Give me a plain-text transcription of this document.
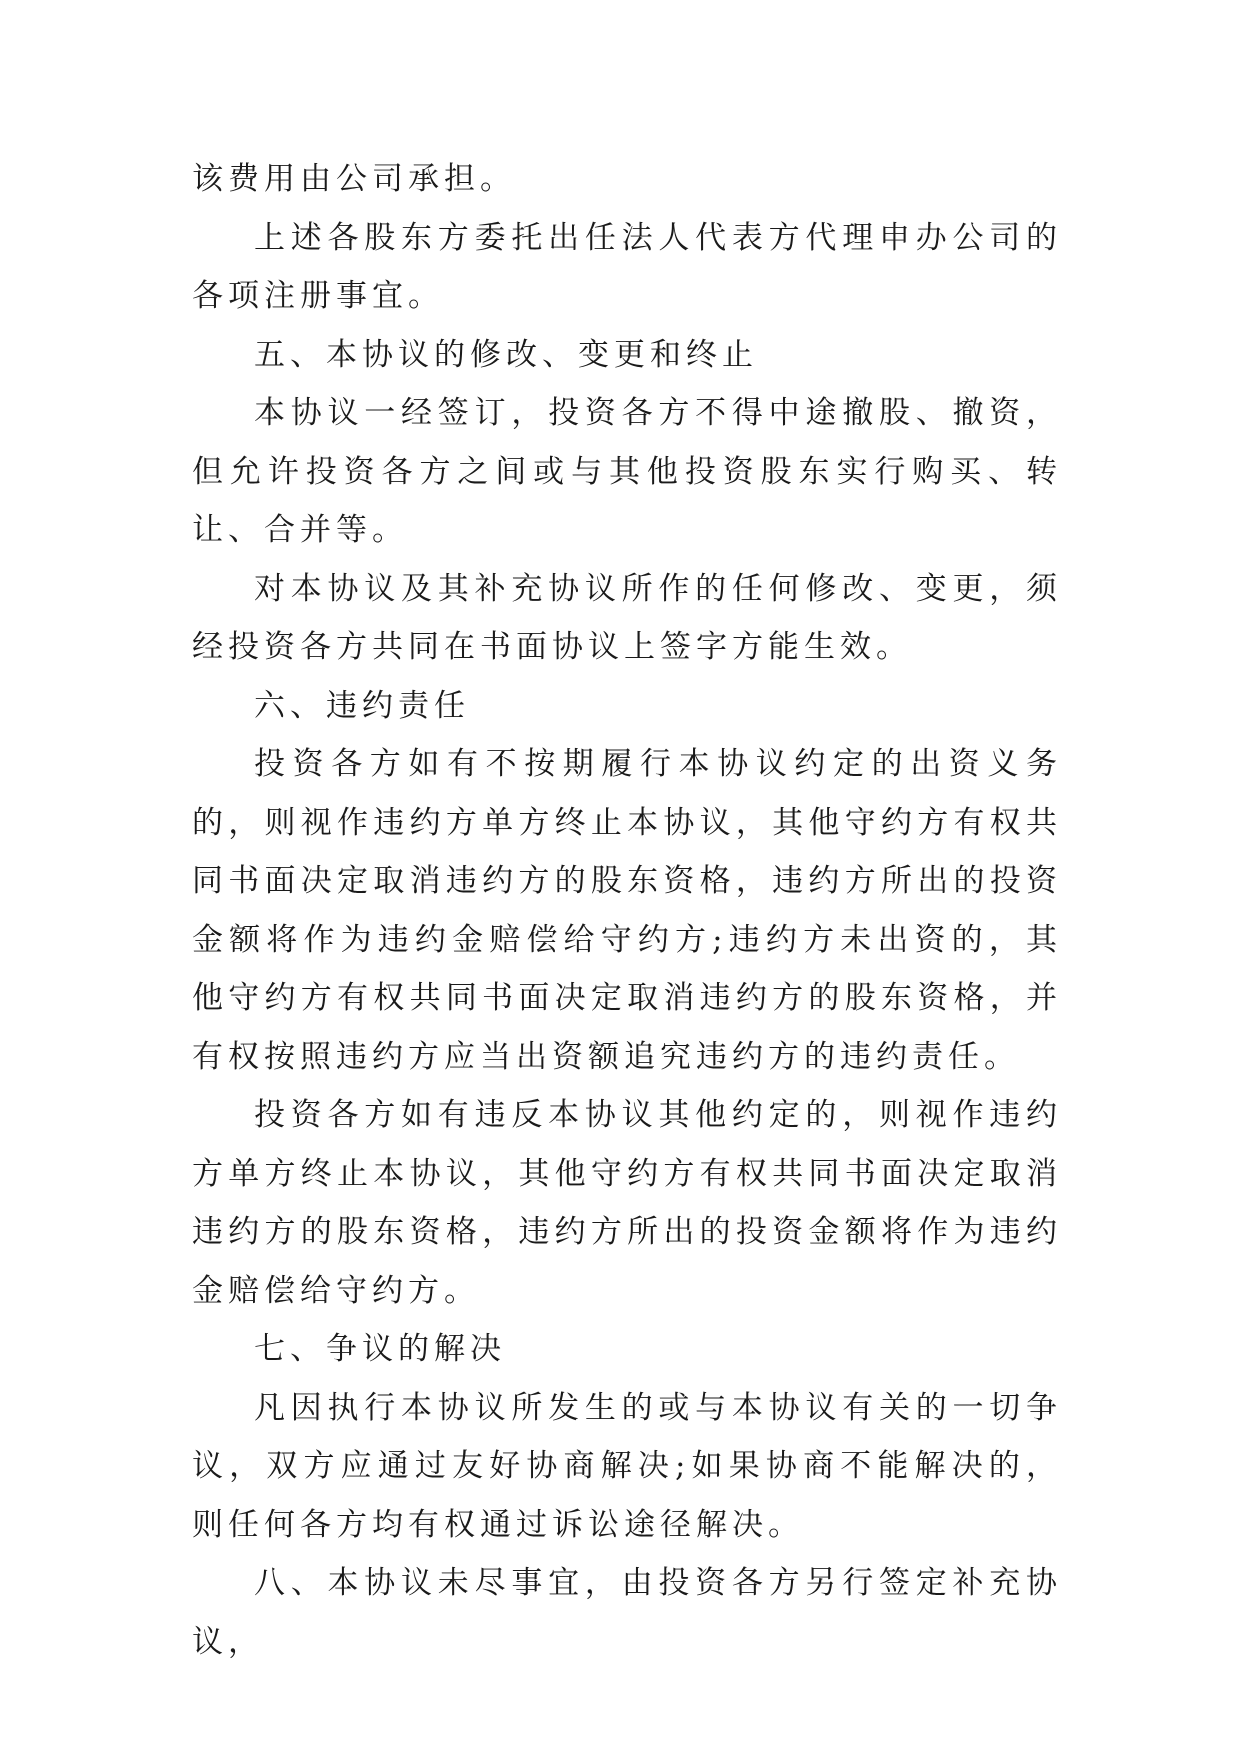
该费用由公司承担。

上述各股东方委托出任法人代表方代理申办公司的各项注册事宜。

五、本协议的修改、变更和终止

本协议一经签订，投资各方不得中途撤股、撤资，但允许投资各方之间或与其他投资股东实行购买、转让、合并等。

对本协议及其补充协议所作的任何修改、变更，须经投资各方共同在书面协议上签字方能生效。

六、违约责任

投资各方如有不按期履行本协议约定的出资义务的，则视作违约方单方终止本协议，其他守约方有权共同书面决定取消违约方的股东资格，违约方所出的投资金额将作为违约金赔偿给守约方;违约方未出资的，其他守约方有权共同书面决定取消违约方的股东资格，并有权按照违约方应当出资额追究违约方的违约责任。

投资各方如有违反本协议其他约定的，则视作违约方单方终止本协议，其他守约方有权共同书面决定取消违约方的股东资格，违约方所出的投资金额将作为违约金赔偿给守约方。

七、争议的解决

凡因执行本协议所发生的或与本协议有关的一切争议，双方应通过友好协商解决;如果协商不能解决的，则任何各方均有权通过诉讼途径解决。

八、本协议未尽事宜，由投资各方另行签定补充协议，
